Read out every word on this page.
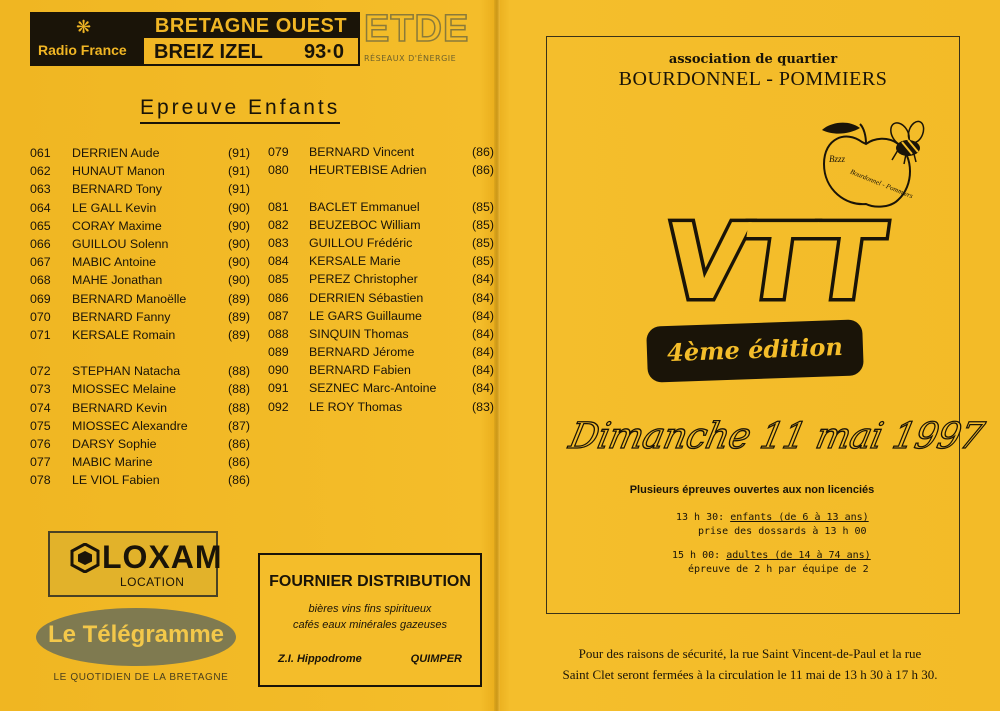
❋
Radio France
BRETAGNE OUEST
BREIZ IZEL 93·0
ETDE
RÉSEAUX D'ÉNERGIE
Epreuve Enfants
061 DERRIEN Aude	(91)
062 HUNAUT Manon	(91)
063 BERNARD Tony	(91)
064 LE GALL Kevin	(90)
065 CORAY Maxime	(90)
066 GUILLOU Solenn	(90)
067 MABIC Antoine	(90)
068 MAHE Jonathan	(90)
069 BERNARD Manoëlle	(89)
070 BERNARD Fanny	(89)
071 KERSALE Romain	(89)
072 STEPHAN Natacha	(88)
073 MIOSSEC Melaine	(88)
074 BERNARD Kevin	(88)
075 MIOSSEC Alexandre	(87)
076 DARSY Sophie	(86)
077 MABIC Marine	(86)
078 LE VIOL Fabien	(86)
079 BERNARD Vincent	(86)
080 HEURTEBISE Adrien	(86)
081 BACLET Emmanuel	(85)
082 BEUZEBOC William	(85)
083 GUILLOU Frédéric	(85)
084 KERSALE Marie	(85)
085 PEREZ Christopher	(84)
086 DERRIEN Sébastien	(84)
087 LE GARS Guillaume	(84)
088 SINQUIN Thomas	(84)
089 BERNARD Jérome	(84)
090 BERNARD Fabien	(84)
091 SEZNEC Marc-Antoine	(84)
092 LE ROY Thomas	(83)
LOXAM
LOCATION
Le Télégramme
LE QUOTIDIEN DE LA BRETAGNE
FOURNIER DISTRIBUTION
bières vins fins spiritueux
cafés eaux minérales gazeuses
Z.I. Hippodrome	QUIMPER
association de quartier
BOURDONNEL - POMMIERS
Bzzz
Bourdonnel - Pommiers
VTT
4ème édition
Dimanche 11 mai 1997
Plusieurs épreuves ouvertes aux non licenciés
13 h 30: enfants (de 6 à 13 ans)
prise des dossards à 13 h 00
15 h 00: adultes (de 14 à 74 ans)
épreuve de 2 h par équipe de 2
Pour des raisons de sécurité, la rue Saint Vincent-de-Paul et la rue
Saint Clet seront fermées à la circulation le 11 mai de 13 h 30 à 17 h 30.
